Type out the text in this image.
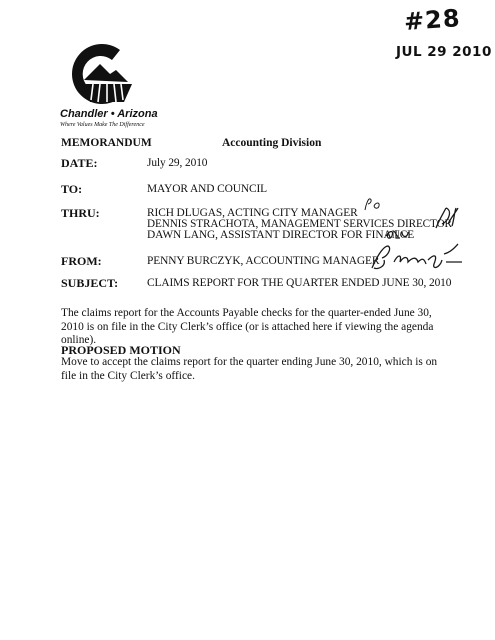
#28
JUL 29 2010
Chandler • Arizona
Where Values Make The Difference
MEMORANDUM	Accounting Division
DATE:	July 29, 2010
TO:	MAYOR AND COUNCIL
THRU:	RICH DLUGAS, ACTING CITY MANAGER
DENNIS STRACHOTA, MANAGEMENT SERVICES DIRECTOR
DAWN LANG, ASSISTANT DIRECTOR FOR FINANCE
FROM:	PENNY BURCZYK, ACCOUNTING MANAGER
SUBJECT:	CLAIMS REPORT FOR THE QUARTER ENDED JUNE 30, 2010
The claims report for the Accounts Payable checks for the quarter-ended June 30, 2010 is on file in the City Clerk’s office (or is attached here if viewing the agenda online).
PROPOSED MOTION
Move to accept the claims report for the quarter ending June 30, 2010, which is on file in the City Clerk’s office.
